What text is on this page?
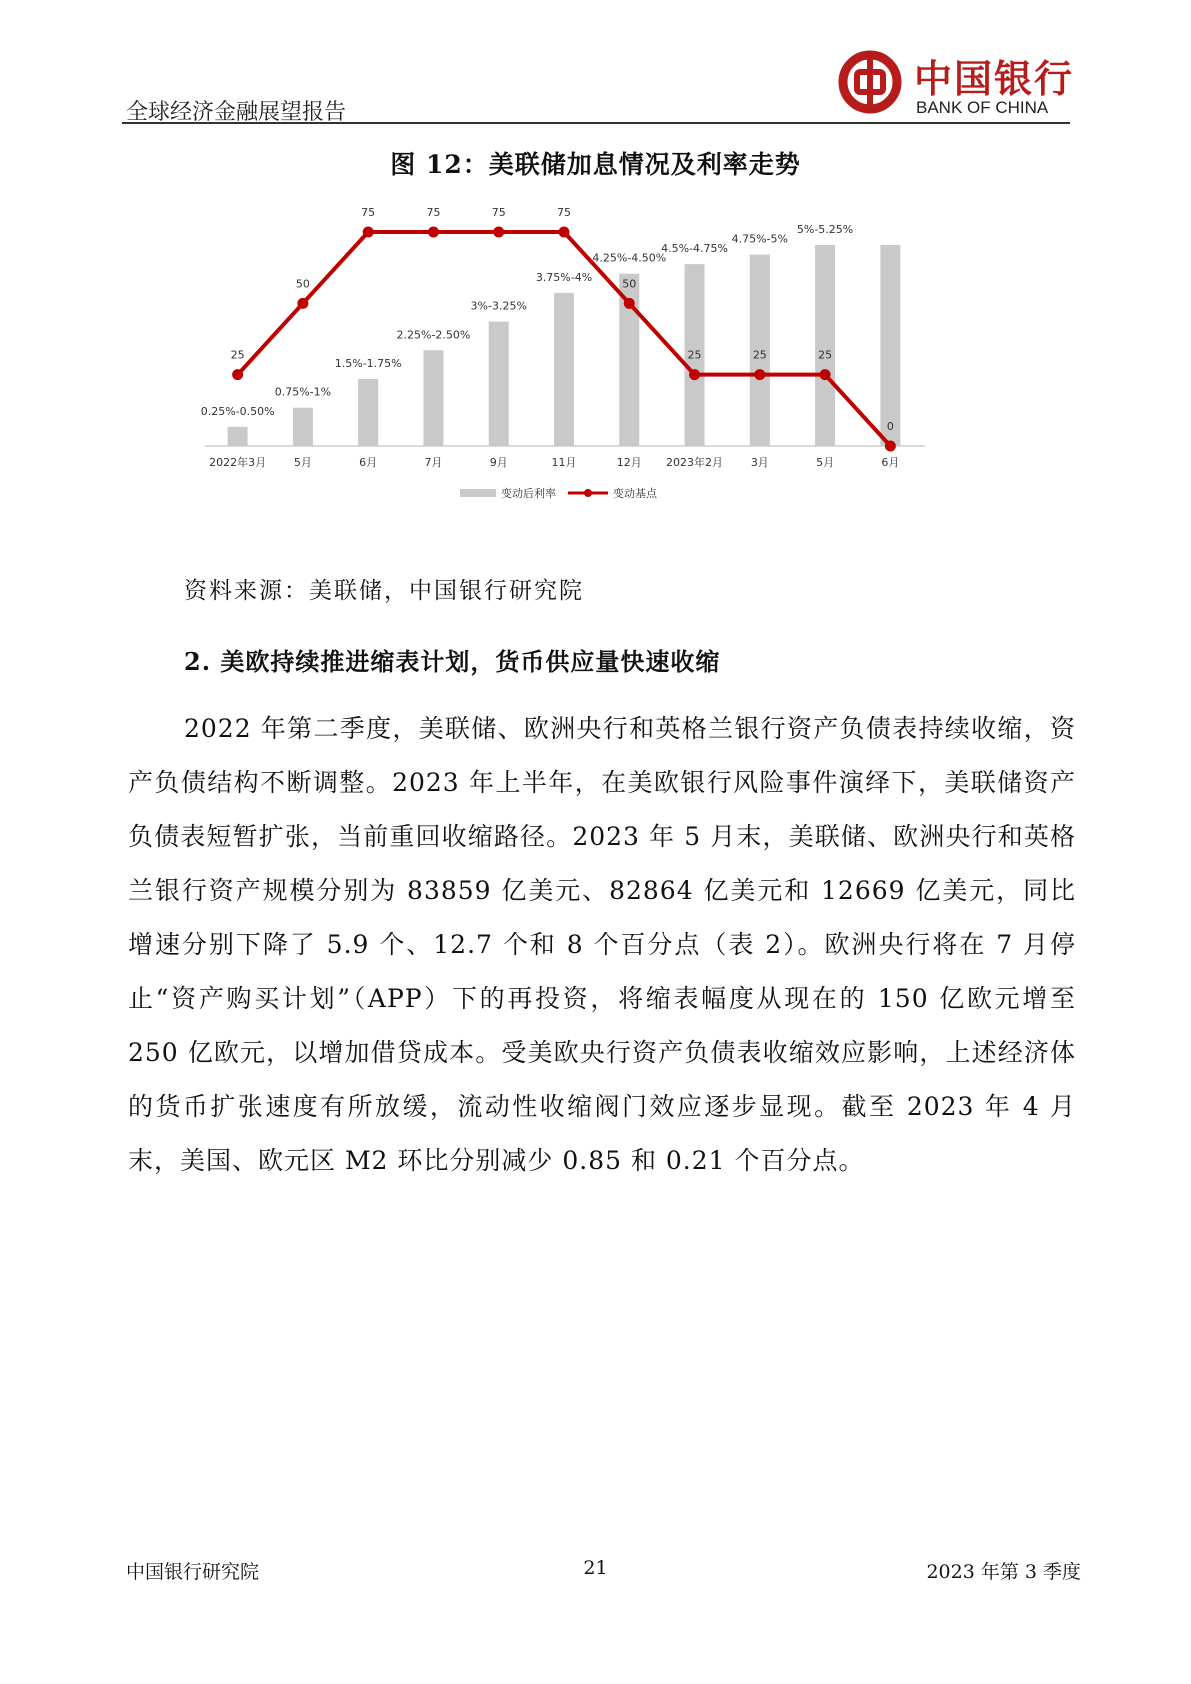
全球经济金融展望报告
中国银行
BANK OF CHINA
图 12：美联储加息情况及利率走势
0.25%-0.50%
2022年3月
0.75%-1%
5月
1.5%-1.75%
6月
2.25%-2.50%
7月
3%-3.25%
9月
3.75%-4%
11月
4.25%-4.50%
12月
4.5%-4.75%
2023年2月
4.75%-5%
3月
5%-5.25%
5月	6月
25
50
75	75	75	75
50
25	25	25
0
变动后利率	变动基点
资料来源：美联储，中国银行研究院
2. 美欧持续推进缩表计划，货币供应量快速收缩
2022 年第二季度，美联储、欧洲央行和英格兰银行资产负债表持续收缩，资产负债结构不断调整。2023 年上半年，在美欧银行风险事件演绎下，美联储资产负债表短暂扩张，当前重回收缩路径。2023 年 5 月末，美联储、欧洲央行和英格兰银行资产规模分别为 83859 亿美元、82864 亿美元和 12669 亿美元，同比增速分别下降了 5.9 个、12.7 个和 8 个百分点（表 2）。欧洲央行将在 7 月停止“资产购买计划”（APP）下的再投资，将缩表幅度从现在的 150 亿欧元增至 250 亿欧元，以增加借贷成本。受美欧央行资产负债表收缩效应影响，上述经济体的货币扩张速度有所放缓，流动性收缩阀门效应逐步显现。截至 2023 年 4 月末，美国、欧元区 M2 环比分别减少 0.85 和 0.21 个百分点。
中国银行研究院	21	2023 年第 3 季度
